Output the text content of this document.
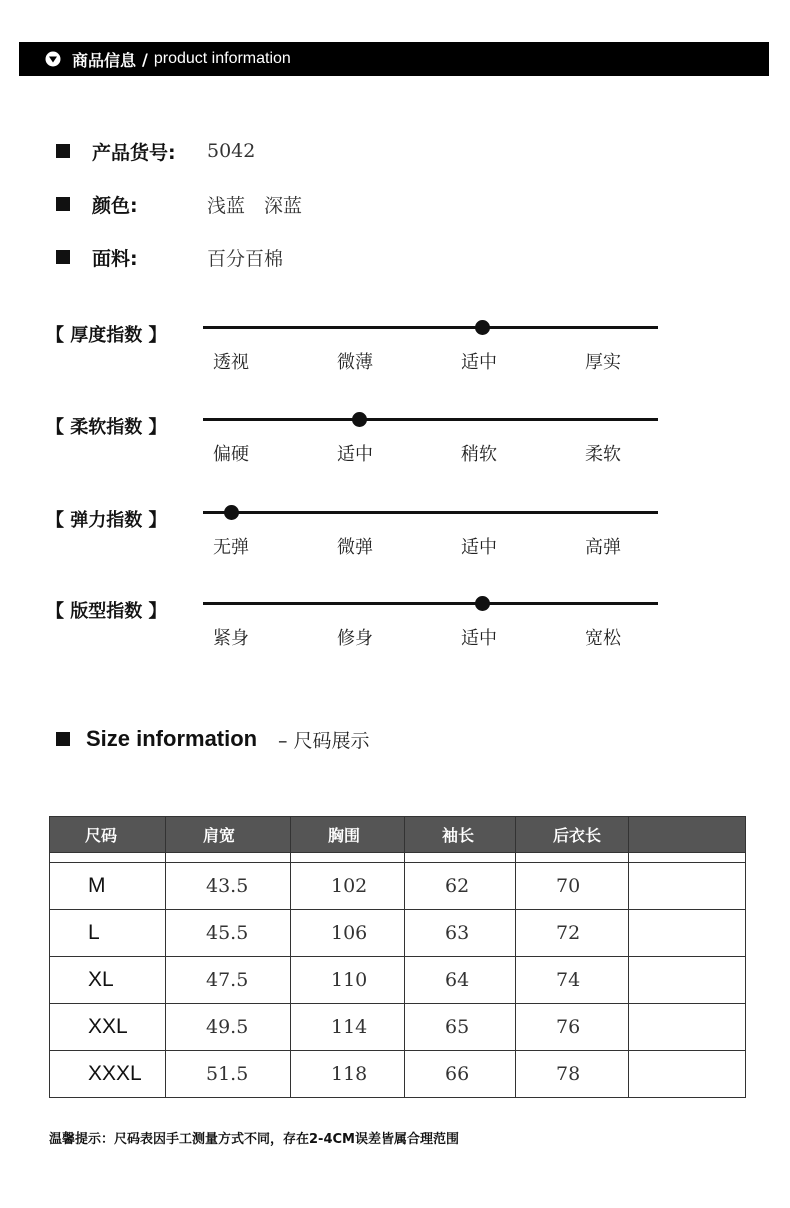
商品信息 / product information
产品货号: 5042
颜色:	浅蓝　深蓝
面料:	百分百棉
【 厚度指数 】
透视	微薄	适中	厚实
【 柔软指数 】
偏硬	适中	稍软	柔软
【 弹力指数 】
无弹	微弹	适中	高弹
【 版型指数 】
紧身	修身	适中	宽松
Size information – 尺码展示
尺码	肩宽	胸围	袖长	后衣长	

M	43.5	102	62	70	
L	45.5	106	63	72	
XL	47.5	110	64	74	
XXL	49.5	114	65	76	
XXXL	51.5	118	66	78	
温馨提示：尺码表因手工测量方式不同，存在2-4CM误差皆属合理范围
